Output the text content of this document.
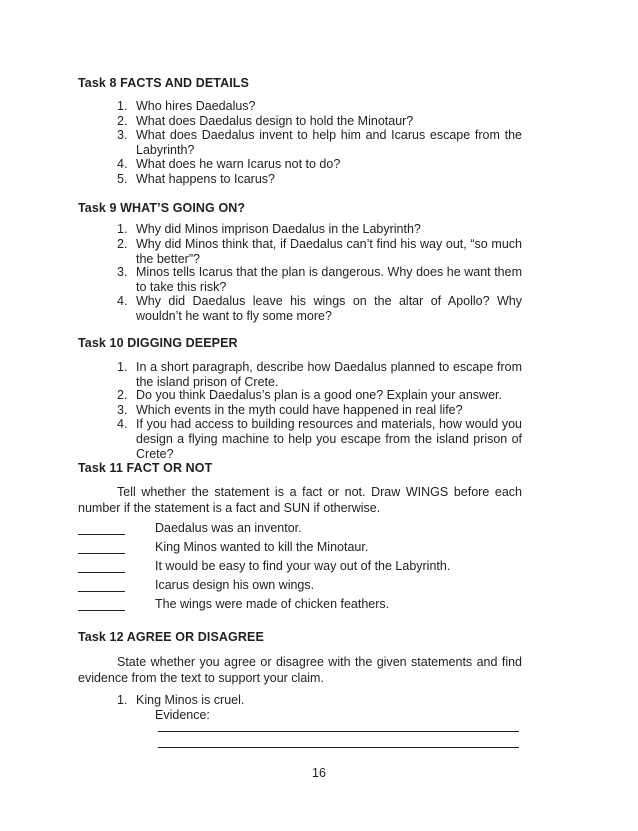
Task 8 FACTS AND DETAILS
1. Who hires Daedalus?
2. What does Daedalus design to hold the Minotaur?
3. What does Daedalus invent to help him and Icarus escape from the Labyrinth?
4. What does he warn Icarus not to do?
5. What happens to Icarus?
Task 9 WHAT’S GOING ON?
1. Why did Minos imprison Daedalus in the Labyrinth?
2. Why did Minos think that, if Daedalus can’t find his way out, “so much the better”?
3. Minos tells Icarus that the plan is dangerous. Why does he want them to take this risk?
4. Why did Daedalus leave his wings on the altar of Apollo? Why wouldn’t he want to fly some more?
Task 10 DIGGING DEEPER
1. In a short paragraph, describe how Daedalus planned to escape from the island prison of Crete.
2. Do you think Daedalus’s plan is a good one? Explain your answer.
3. Which events in the myth could have happened in real life?
4. If you had access to building resources and materials, how would you design a flying machine to help you escape from the island prison of Crete?
Task 11 FACT OR NOT
Tell whether the statement is a fact or not. Draw WINGS before each number if the statement is a fact and SUN if otherwise.
Daedalus was an inventor.
King Minos wanted to kill the Minotaur.
It would be easy to find your way out of the Labyrinth.
Icarus design his own wings.
The wings were made of chicken feathers.
Task 12 AGREE OR DISAGREE
State whether you agree or disagree with the given statements and find evidence from the text to support your claim.
1. King Minos is cruel.
Evidence:
16
